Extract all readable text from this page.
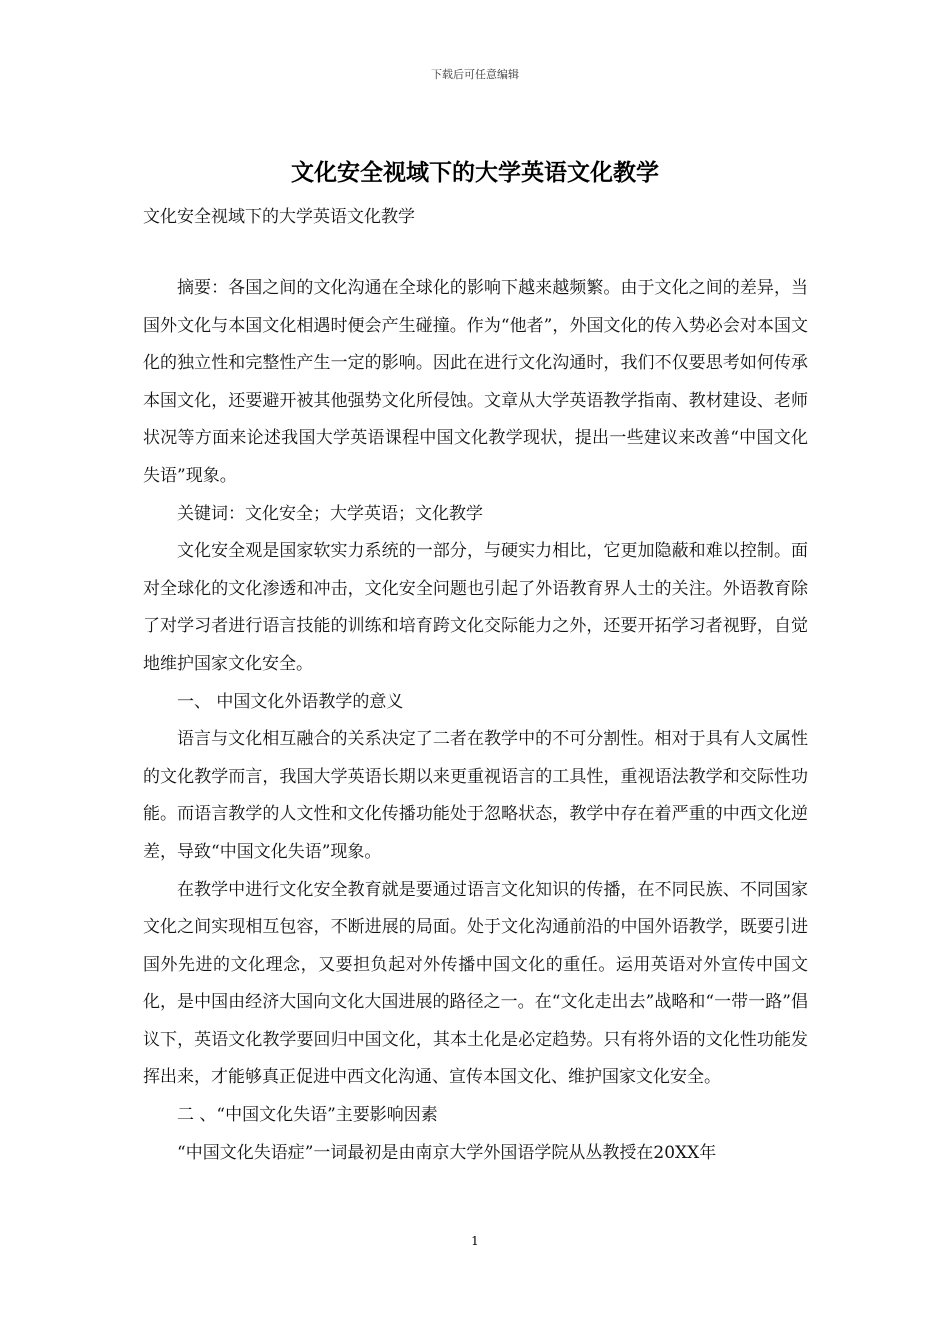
下载后可任意编辑
文化安全视域下的大学英语文化教学
文化安全视域下的大学英语文化教学

摘要：各国之间的文化沟通在全球化的影响下越来越频繁。由于文化之间的差异，当国外文化与本国文化相遇时便会产生碰撞。作为“他者”，外国文化的传入势必会对本国文化的独立性和完整性产生一定的影响。因此在进行文化沟通时，我们不仅要思考如何传承本国文化，还要避开被其他强势文化所侵蚀。文章从大学英语教学指南、教材建设、老师状况等方面来论述我国大学英语课程中国文化教学现状，提出一些建议来改善“中国文化失语”现象。

关键词：文化安全；大学英语；文化教学

文化安全观是国家软实力系统的一部分，与硬实力相比，它更加隐蔽和难以控制。面对全球化的文化渗透和冲击，文化安全问题也引起了外语教育界人士的关注。外语教育除了对学习者进行语言技能的训练和培育跨文化交际能力之外，还要开拓学习者视野，自觉地维护国家文化安全。

一、 中国文化外语教学的意义

语言与文化相互融合的关系决定了二者在教学中的不可分割性。相对于具有人文属性的文化教学而言，我国大学英语长期以来更重视语言的工具性，重视语法教学和交际性功能。而语言教学的人文性和文化传播功能处于忽略状态，教学中存在着严重的中西文化逆差，导致“中国文化失语”现象。

在教学中进行文化安全教育就是要通过语言文化知识的传播，在不同民族、不同国家文化之间实现相互包容，不断进展的局面。处于文化沟通前沿的中国外语教学，既要引进国外先进的文化理念，又要担负起对外传播中国文化的重任。运用英语对外宣传中国文化，是中国由经济大国向文化大国进展的路径之一。在“文化走出去”战略和“一带一路”倡议下，英语文化教学要回归中国文化，其本土化是必定趋势。只有将外语的文化性功能发挥出来，才能够真正促进中西文化沟通、宣传本国文化、维护国家文化安全。

二 、“中国文化失语”主要影响因素

“中国文化失语症”一词最初是由南京大学外国语学院从丛教授在20XX年

1
